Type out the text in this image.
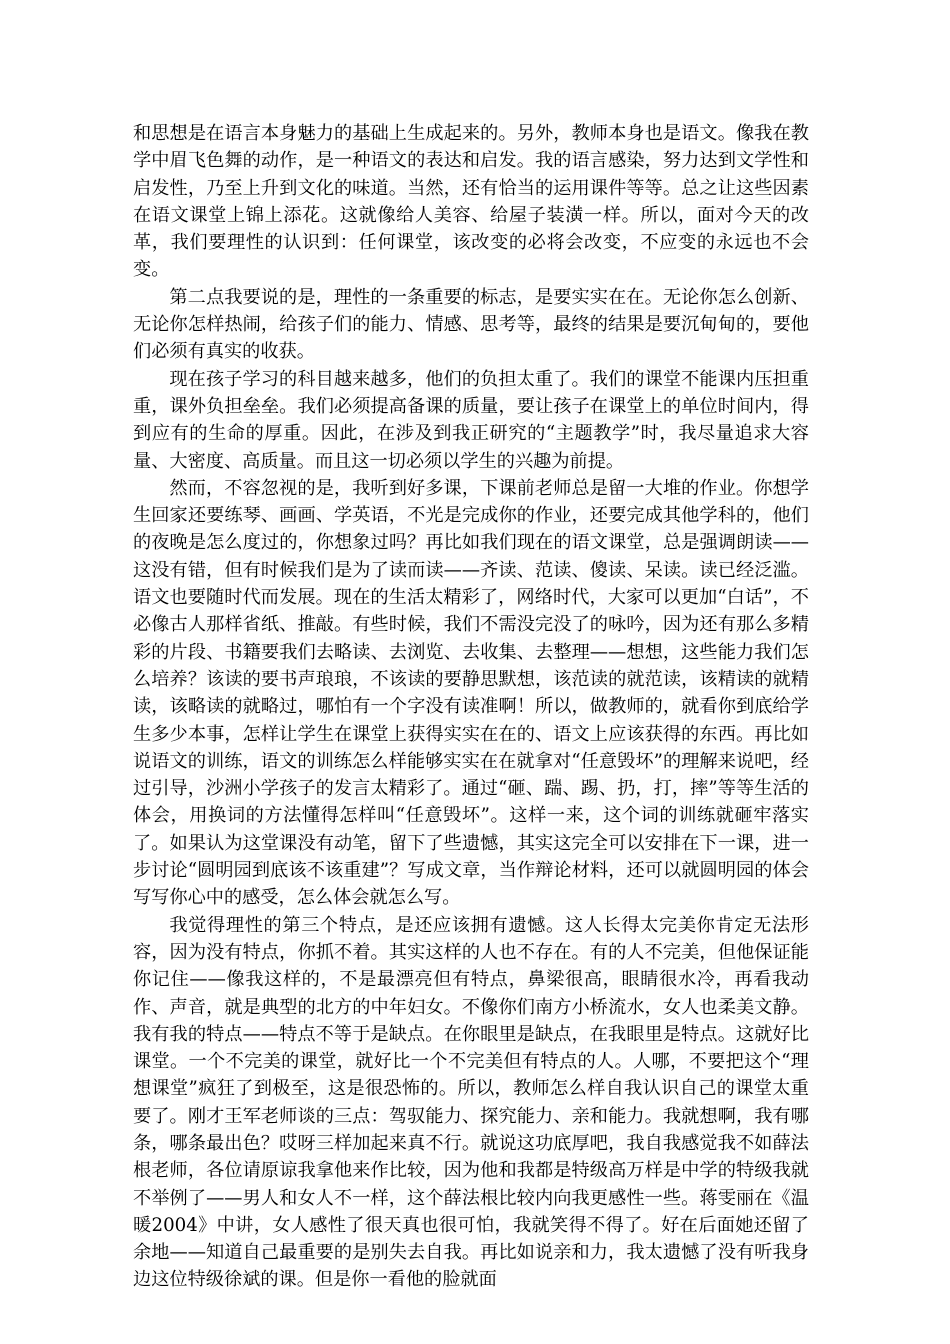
和思想是在语言本身魅力的基础上生成起来的。另外，教师本身也是语文。像我在教学中眉飞色舞的动作，是一种语文的表达和启发。我的语言感染，努力达到文学性和启发性，乃至上升到文化的味道。当然，还有恰当的运用课件等等。总之让这些因素在语文课堂上锦上添花。这就像给人美容、给屋子装潢一样。所以，面对今天的改革，我们要理性的认识到：任何课堂，该改变的必将会改变，不应变的永远也不会变。

第二点我要说的是，理性的一条重要的标志，是要实实在在。无论你怎么创新、无论你怎样热闹，给孩子们的能力、情感、思考等，最终的结果是要沉甸甸的，要他们必须有真实的收获。

现在孩子学习的科目越来越多，他们的负担太重了。我们的课堂不能课内压担重重，课外负担垒垒。我们必须提高备课的质量，要让孩子在课堂上的单位时间内，得到应有的生命的厚重。因此，在涉及到我正研究的“主题教学”时，我尽量追求大容量、大密度、高质量。而且这一切必须以学生的兴趣为前提。

然而，不容忽视的是，我听到好多课，下课前老师总是留一大堆的作业。你想学生回家还要练琴、画画、学英语，不光是完成你的作业，还要完成其他学科的，他们的夜晚是怎么度过的，你想象过吗？再比如我们现在的语文课堂，总是强调朗读——这没有错，但有时候我们是为了读而读——齐读、范读、傻读、呆读。读已经泛滥。语文也要随时代而发展。现在的生活太精彩了，网络时代，大家可以更加“白话”，不必像古人那样省纸、推敲。有些时候，我们不需没完没了的咏吟，因为还有那么多精彩的片段、书籍要我们去略读、去浏览、去收集、去整理——想想，这些能力我们怎么培养？该读的要书声琅琅，不该读的要静思默想，该范读的就范读，该精读的就精读，该略读的就略过，哪怕有一个字没有读准啊！所以，做教师的，就看你到底给学生多少本事，怎样让学生在课堂上获得实实在在的、语文上应该获得的东西。再比如说语文的训练，语文的训练怎么样能够实实在在就拿对“任意毁坏”的理解来说吧，经过引导，沙洲小学孩子的发言太精彩了。通过“砸、踹、踢、扔，打，摔”等等生活的体会，用换词的方法懂得怎样叫“任意毁坏”。这样一来，这个词的训练就砸牢落实了。如果认为这堂课没有动笔，留下了些遗憾，其实这完全可以安排在下一课，进一步讨论“圆明园到底该不该重建”？写成文章，当作辩论材料，还可以就圆明园的体会写写你心中的感受，怎么体会就怎么写。

我觉得理性的第三个特点，是还应该拥有遗憾。这人长得太完美你肯定无法形容，因为没有特点，你抓不着。其实这样的人也不存在。有的人不完美，但他保证能你记住——像我这样的，不是最漂亮但有特点，鼻梁很高，眼睛很水冷，再看我动作、声音，就是典型的北方的中年妇女。不像你们南方小桥流水，女人也柔美文静。我有我的特点——特点不等于是缺点。在你眼里是缺点，在我眼里是特点。这就好比课堂。一个不完美的课堂，就好比一个不完美但有特点的人。人哪，不要把这个“理想课堂”疯狂了到极至，这是很恐怖的。所以，教师怎么样自我认识自己的课堂太重要了。刚才王军老师谈的三点：驾驭能力、探究能力、亲和能力。我就想啊，我有哪条，哪条最出色？哎呀三样加起来真不行。就说这功底厚吧，我自我感觉我不如薛法根老师，各位请原谅我拿他来作比较，因为他和我都是特级高万样是中学的特级我就不举例了——男人和女人不一样，这个薛法根比较内向我更感性一些。蒋雯丽在《温暖2004》中讲，女人感性了很天真也很可怕，我就笑得不得了。好在后面她还留了余地——知道自己最重要的是别失去自我。再比如说亲和力，我太遗憾了没有听我身边这位特级徐斌的课。但是你一看他的脸就面
